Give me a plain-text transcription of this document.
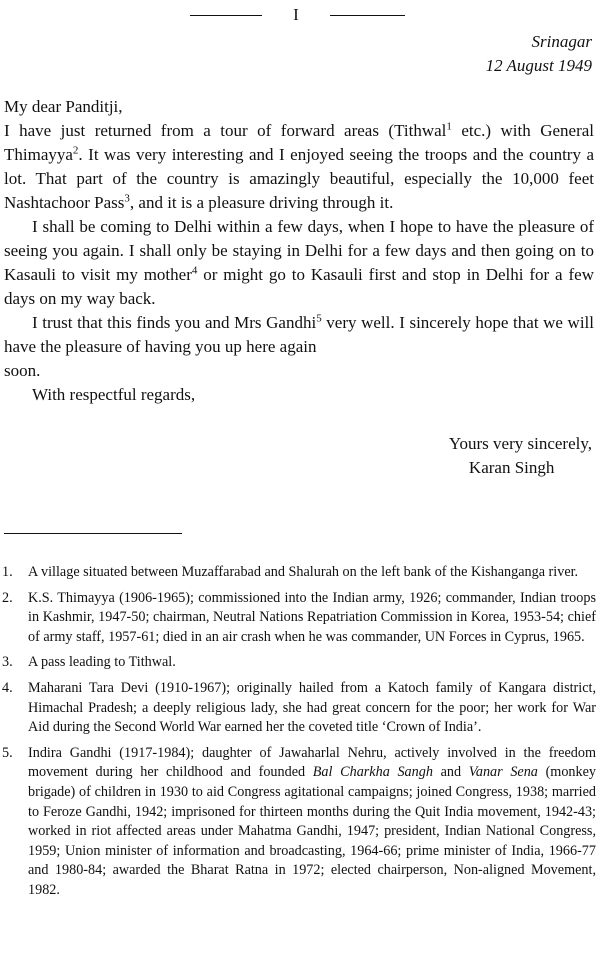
I
Srinagar
12 August 1949

My dear Panditji,

I have just returned from a tour of forward areas (Tithwal$^1$ etc.) with General Thimayya$^2$. It was very interesting and I enjoyed seeing the troops and the country a lot. That part of the country is amazingly beautiful, especially the 10,000 feet Nashtachoor Pass$^3$, and it is a pleasure driving through it.

I shall be coming to Delhi within a few days, when I hope to have the pleasure of seeing you again. I shall only be staying in Delhi for a few days and then going on to Kasauli to visit my mother$^4$ or might go to Kasauli first and stop in Delhi for a few days on my way back.

I trust that this finds you and Mrs Gandhi$^5$ very well. I sincerely hope that we will have the pleasure of having you up here again

soon.

With respectful regards,

Yours very sincerely,
Karan Singh
1.	A village situated between Muzaffarabad and Shalurah on the left bank of the Kishanganga river.
2.	K.S. Thimayya (1906-1965); commissioned into the Indian army, 1926; commander, Indian troops in Kashmir, 1947-50; chairman, Neutral Nations Repatriation Commission in Korea, 1953-54; chief of army staff, 1957-61; died in an air crash when he was commander, UN Forces in Cyprus, 1965.
3.	A pass leading to Tithwal.
4.	Maharani Tara Devi (1910-1967); originally hailed from a Katoch family of Kangara district, Himachal Pradesh; a deeply religious lady, she had great concern for the poor; her work for War Aid during the Second World War earned her the coveted title ‘Crown of India’.
5.	Indira Gandhi (1917-1984); daughter of Jawaharlal Nehru, actively involved in the freedom movement during her childhood and founded Bal Charkha Sangh and Vanar Sena (monkey brigade) of children in 1930 to aid Congress agitational campaigns; joined Congress, 1938; married to Feroze Gandhi, 1942; imprisoned for thirteen months during the Quit India movement, 1942-43; worked in riot affected areas under Mahatma Gandhi, 1947; president, Indian National Congress, 1959; Union minister of information and broadcasting, 1964-66; prime minister of India, 1966-77 and 1980-84; awarded the Bharat Ratna in 1972; elected chairperson, Non-aligned Movement, 1982.
